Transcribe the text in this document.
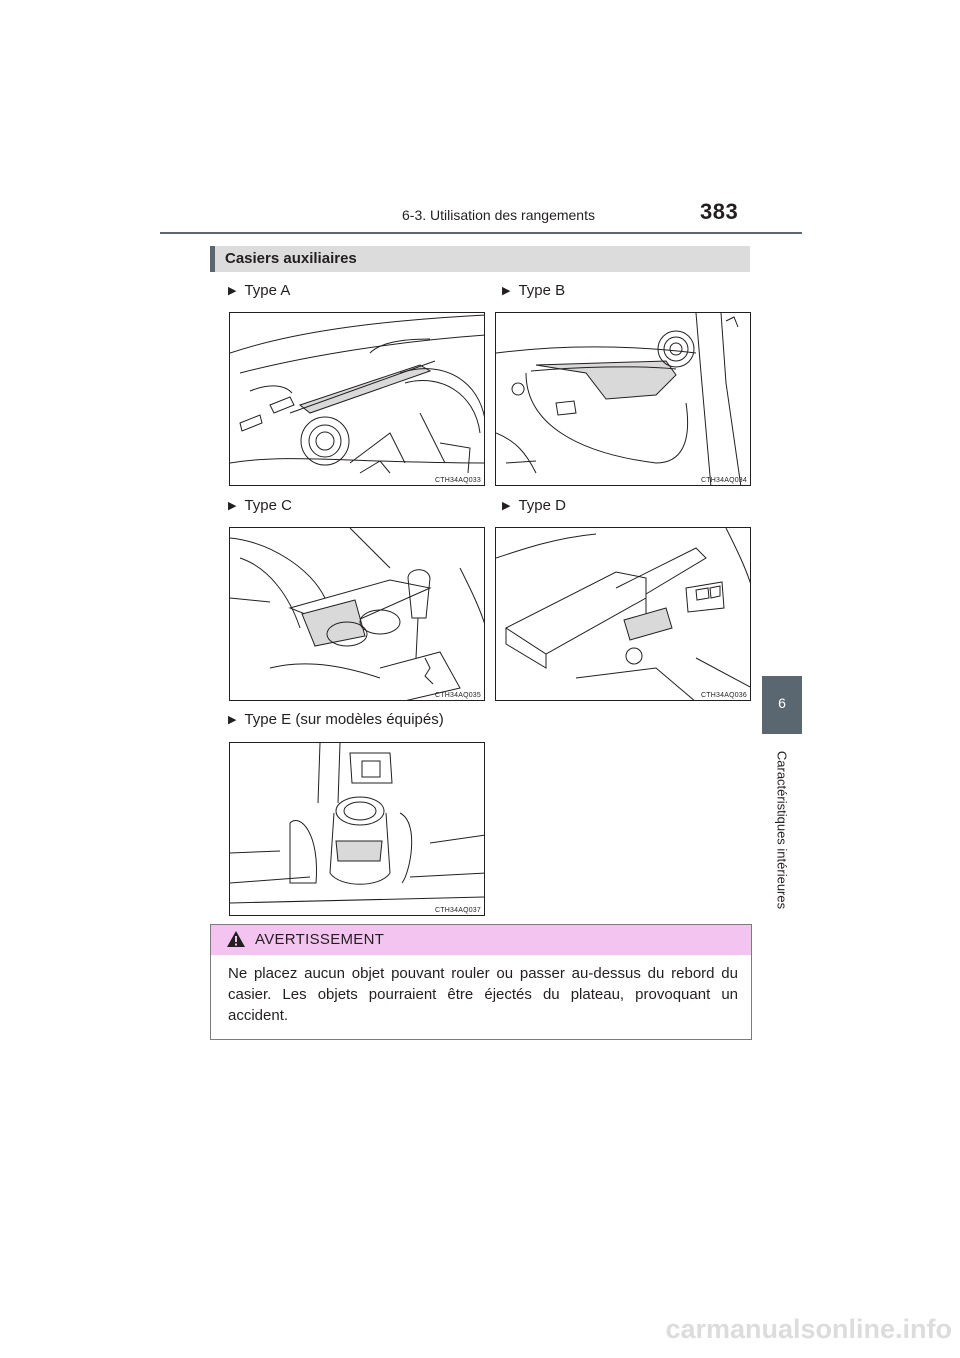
6-3. Utilisation des rangements	383
6
Caractéristiques intérieures
Casiers auxiliaires
▶ Type A	▶ Type B
▶ Type C	▶ Type D
▶ Type E (sur modèles équipés)
CTH34AQ033	CTH34AQ034
CTH34AQ035	CTH34AQ036
CTH34AQ037
AVERTISSEMENT
Ne placez aucun objet pouvant rouler ou passer au-dessus du rebord du casier. Les objets pourraient être éjectés du plateau, provoquant un accident.
carmanualsonline.info
